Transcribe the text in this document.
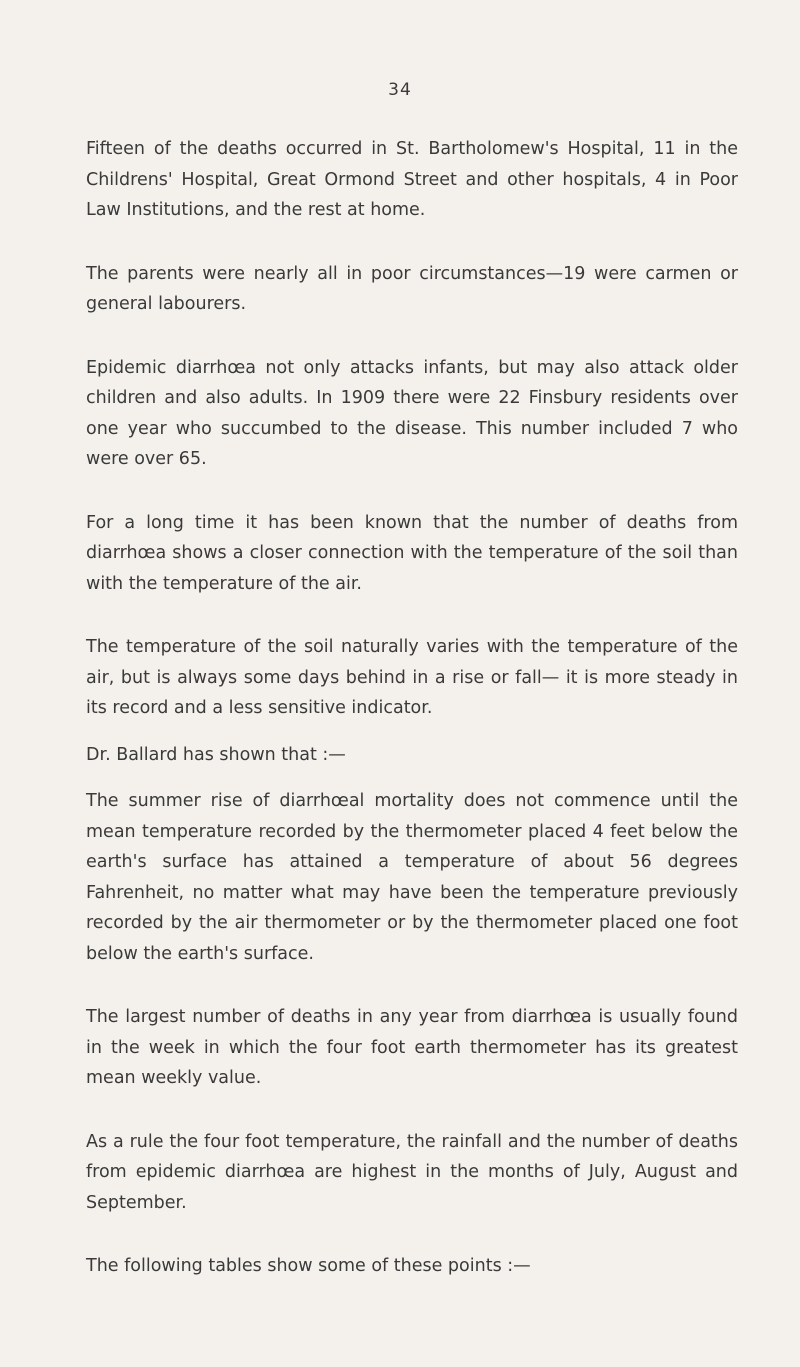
34

Fifteen of the deaths occurred in St. Bartholomew's Hospital, 11 in the Childrens' Hospital, Great Ormond Street and other hospitals, 4 in Poor Law Institutions, and the rest at home.

The parents were nearly all in poor circumstances—19 were carmen or general labourers.

Epidemic diarrhœa not only attacks infants, but may also attack older children and also adults. In 1909 there were 22 Finsbury residents over one year who succumbed to the disease. This number included 7 who were over 65.

For a long time it has been known that the number of deaths from diarrhœa shows a closer connection with the temperature of the soil than with the temperature of the air.

The temperature of the soil naturally varies with the temperature of the air, but is always some days behind in a rise or fall— it is more steady in its record and a less sensitive indicator.

Dr. Ballard has shown that :—

The summer rise of diarrhœal mortality does not commence until the mean temperature recorded by the thermometer placed 4 feet below the earth's surface has attained a temperature of about 56 degrees Fahrenheit, no matter what may have been the temperature previously recorded by the air thermometer or by the thermometer placed one foot below the earth's surface.

The largest number of deaths in any year from diarrhœa is usually found in the week in which the four foot earth thermometer has its greatest mean weekly value.

As a rule the four foot temperature, the rainfall and the number of deaths from epidemic diarrhœa are highest in the months of July, August and September.

The following tables show some of these points :—
